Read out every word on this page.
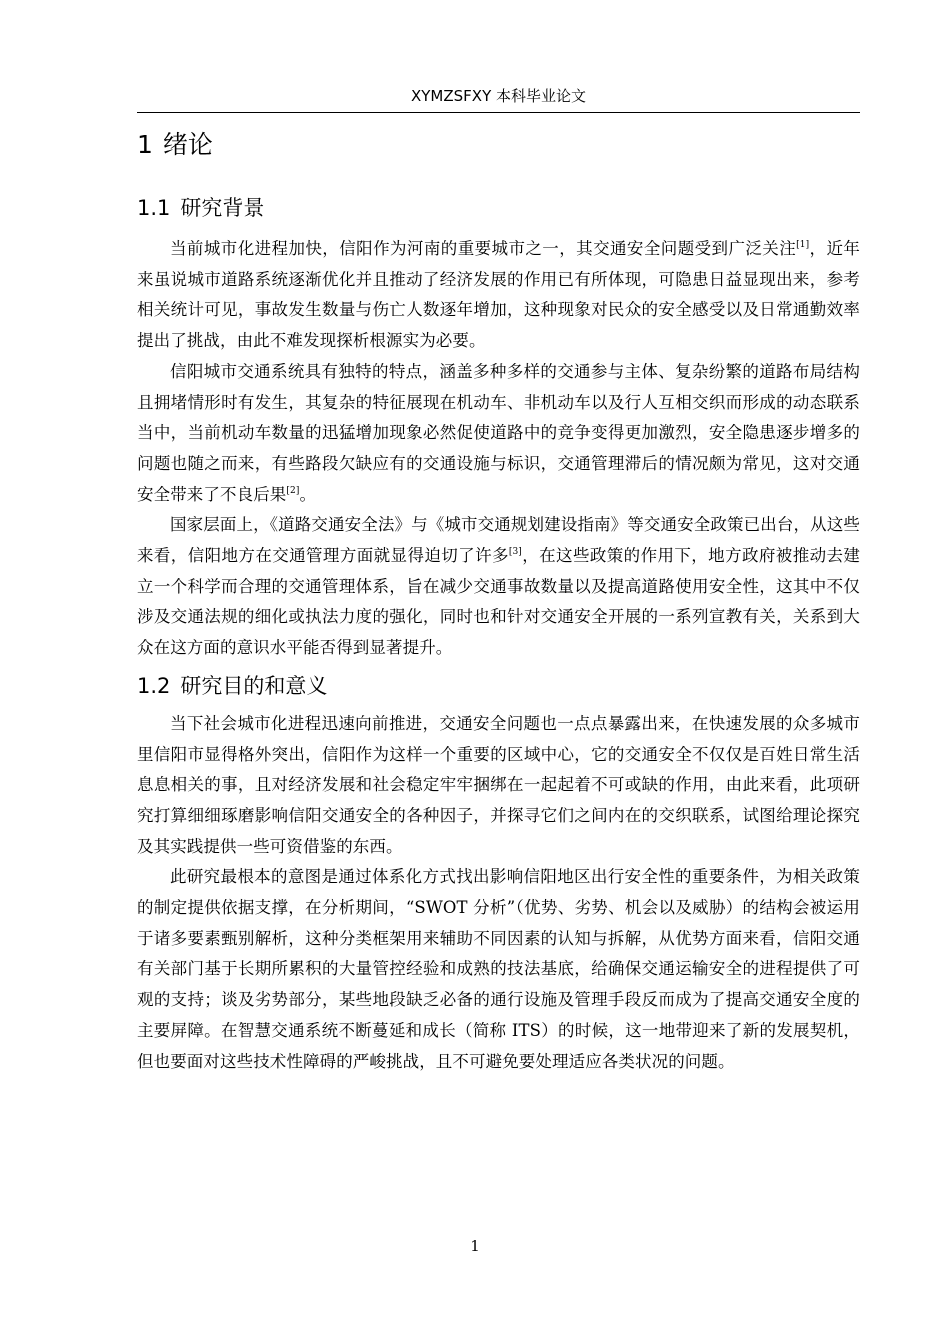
XYMZSFXY 本科毕业论文
1 绪论
1.1 研究背景

当前城市化进程加快，信阳作为河南的重要城市之一，其交通安全问题受到广泛关注[1]，近年来虽说城市道路系统逐渐优化并且推动了经济发展的作用已有所体现，可隐患日益显现出来，参考相关统计可见，事故发生数量与伤亡人数逐年增加，这种现象对民众的安全感受以及日常通勤效率提出了挑战，由此不难发现探析根源实为必要。

信阳城市交通系统具有独特的特点，涵盖多种多样的交通参与主体、复杂纷繁的道路布局结构且拥堵情形时有发生，其复杂的特征展现在机动车、非机动车以及行人互相交织而形成的动态联系当中，当前机动车数量的迅猛增加现象必然促使道路中的竞争变得更加激烈，安全隐患逐步增多的问题也随之而来，有些路段欠缺应有的交通设施与标识，交通管理滞后的情况颇为常见，这对交通安全带来了不良后果[2]。

国家层面上，《道路交通安全法》与《城市交通规划建设指南》等交通安全政策已出台，从这些来看，信阳地方在交通管理方面就显得迫切了许多[3]，在这些政策的作用下，地方政府被推动去建立一个科学而合理的交通管理体系，旨在减少交通事故数量以及提高道路使用安全性，这其中不仅涉及交通法规的细化或执法力度的强化，同时也和针对交通安全开展的一系列宣教有关，关系到大众在这方面的意识水平能否得到显著提升。

1.2 研究目的和意义

当下社会城市化进程迅速向前推进，交通安全问题也一点点暴露出来，在快速发展的众多城市里信阳市显得格外突出，信阳作为这样一个重要的区域中心，它的交通安全不仅仅是百姓日常生活息息相关的事，且对经济发展和社会稳定牢牢捆绑在一起起着不可或缺的作用，由此来看，此项研究打算细细琢磨影响信阳交通安全的各种因子，并探寻它们之间内在的交织联系，试图给理论探究及其实践提供一些可资借鉴的东西。

此研究最根本的意图是通过体系化方式找出影响信阳地区出行安全性的重要条件，为相关政策的制定提供依据支撑，在分析期间，“SWOT 分析”（优势、劣势、机会以及威胁）的结构会被运用于诸多要素甄别解析，这种分类框架用来辅助不同因素的认知与拆解，从优势方面来看，信阳交通有关部门基于长期所累积的大量管控经验和成熟的技法基底，给确保交通运输安全的进程提供了可观的支持；谈及劣势部分，某些地段缺乏必备的通行设施及管理手段反而成为了提高交通安全度的主要屏障。在智慧交通系统不断蔓延和成长（简称 ITS）的时候，这一地带迎来了新的发展契机，但也要面对这些技术性障碍的严峻挑战，且不可避免要处理适应各类状况的问题。

1
